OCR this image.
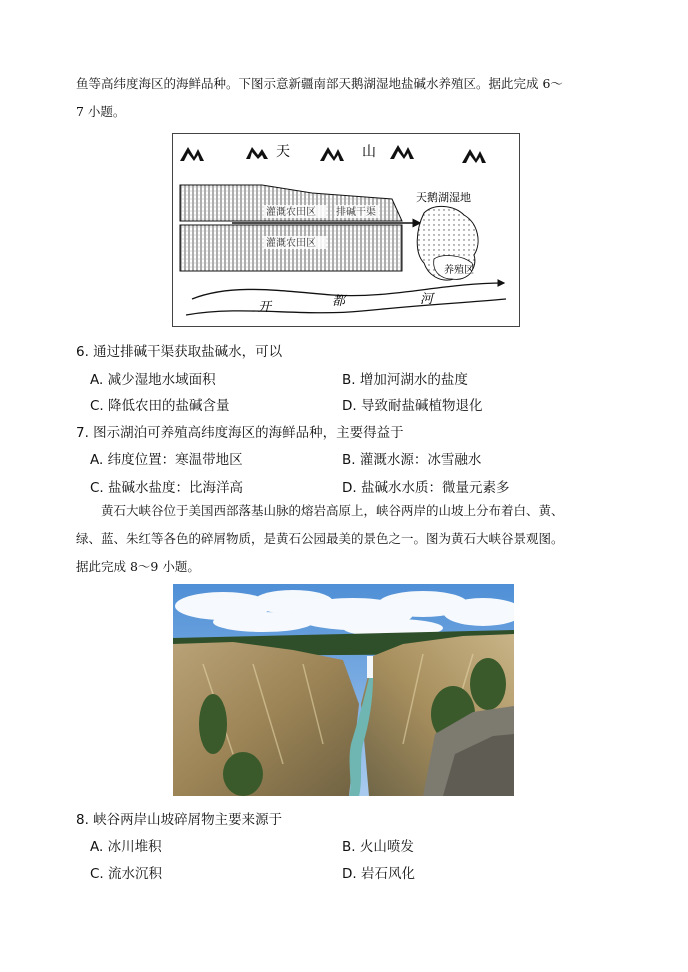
鱼等高纬度海区的海鲜品种。下图示意新疆南部天鹅湖湿地盐碱水养殖区。据此完成 6～
7 小题。
天	山
灌溉农田区 排碱干渠
灌溉农田区
天鹅湖湿地
养殖区
开	都	河
6. 通过排碱干渠获取盐碱水，可以
A. 减少湿地水域面积	B. 增加河湖水的盐度
C. 降低农田的盐碱含量	D. 导致耐盐碱植物退化
7. 图示湖泊可养殖高纬度海区的海鲜品种，主要得益于
A. 纬度位置：寒温带地区	B. 灌溉水源：冰雪融水
C. 盐碱水盐度：比海洋高	D. 盐碱水水质：微量元素多
黄石大峡谷位于美国西部落基山脉的熔岩高原上，峡谷两岸的山坡上分布着白、黄、
绿、蓝、朱红等各色的碎屑物质，是黄石公园最美的景色之一。图为黄石大峡谷景观图。
据此完成 8～9 小题。
8. 峡谷两岸山坡碎屑物主要来源于
A. 冰川堆积	B. 火山喷发
C. 流水沉积	D. 岩石风化
